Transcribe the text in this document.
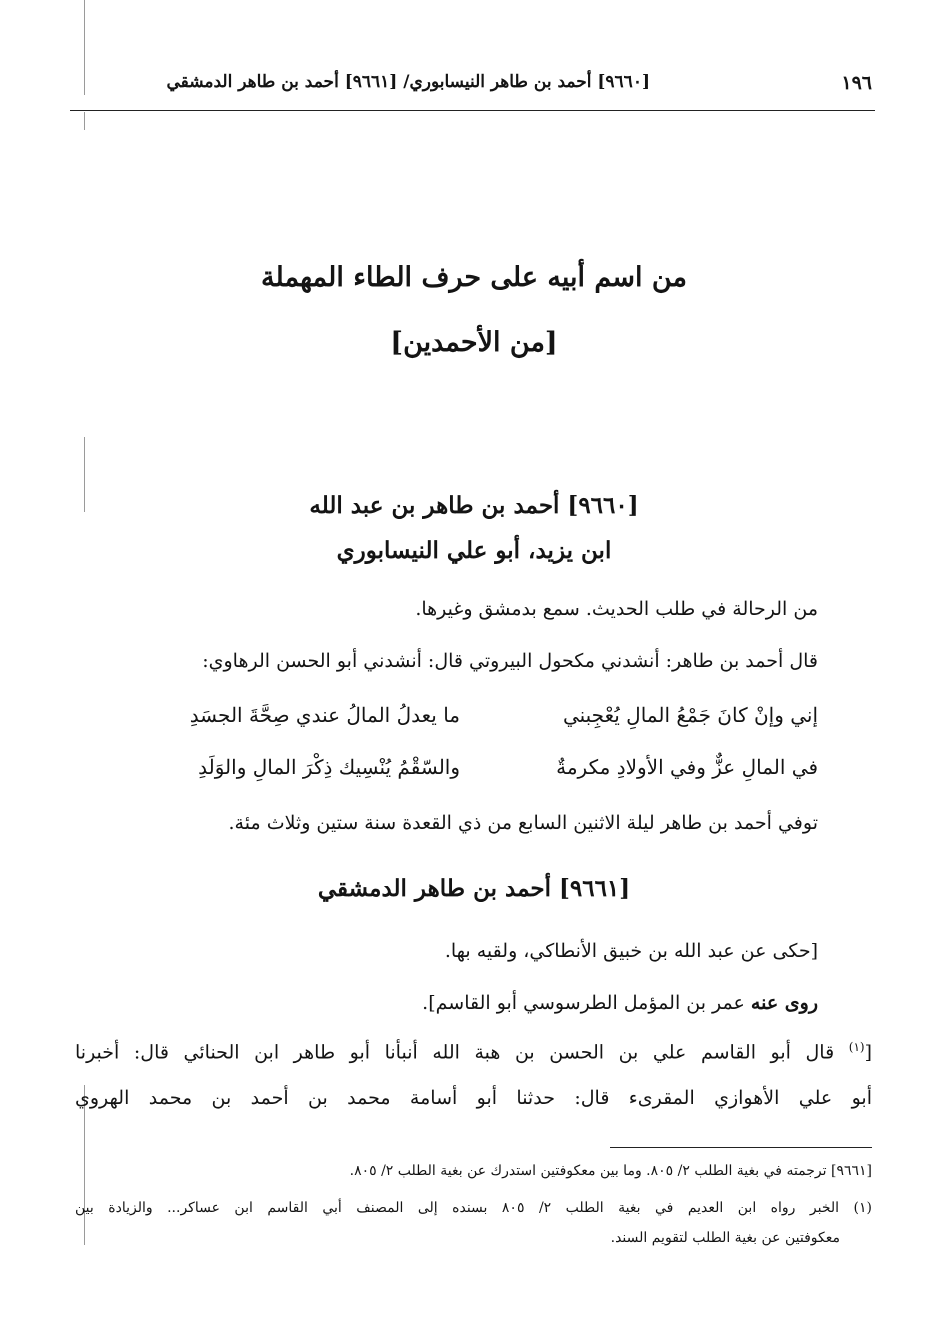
١٩٦
[٩٦٦٠] أحمد بن طاهر النيسابوري/ [٩٦٦١] أحمد بن طاهر الدمشقي
من اسم أبيه على حرف الطاء المهملة
[من الأحمدين]
[٩٦٦٠] أحمد بن طاهر بن عبد الله
ابن يزيد، أبو علي النيسابوري
من الرحالة في طلب الحديث. سمع بدمشق وغيرها.
قال أحمد بن طاهر: أنشدني مكحول البيروتي قال: أنشدني أبو الحسن الرهاوي:
إني وإنْ كانَ جَمْعُ المالِ يُعْجِبني
ما يعدلُ المالُ عندي صِحَّةَ الجسَدِ
في المالِ عزٌّ وفي الأولادِ مكرمةٌ
والسّقْمُ يُنْسِيك ذِكْرَ المالِ والوَلَدِ
توفي أحمد بن طاهر ليلة الاثنين السابع من ذي القعدة سنة ستين وثلاث مئة.
[٩٦٦١] أحمد بن طاهر الدمشقي
[حكى عن عبد الله بن خبيق الأنطاكي، ولقيه بها.
روى عنه عمر بن المؤمل الطرسوسي أبو القاسم].
[$^{(١)}$ قال أبو القاسم علي بن الحسن بن هبة الله أنبأنا أبو طاهر ابن الحنائي قال: أخبرنا
أبو علي الأهوازي المقرىء قال: حدثنا أبو أسامة محمد بن أحمد بن محمد الهروي
[٩٦٦١] ترجمته في بغية الطلب ٢/ ٨٠٥. وما بين معكوفتين استدرك عن بغية الطلب ٢/ ٨٠٥.
(١) الخبر رواه ابن العديم في بغية الطلب ٢/ ٨٠٥ بسنده إلى المصنف أبي القاسم ابن عساكر... والزيادة بين
معكوفتين عن بغية الطلب لتقويم السند.
